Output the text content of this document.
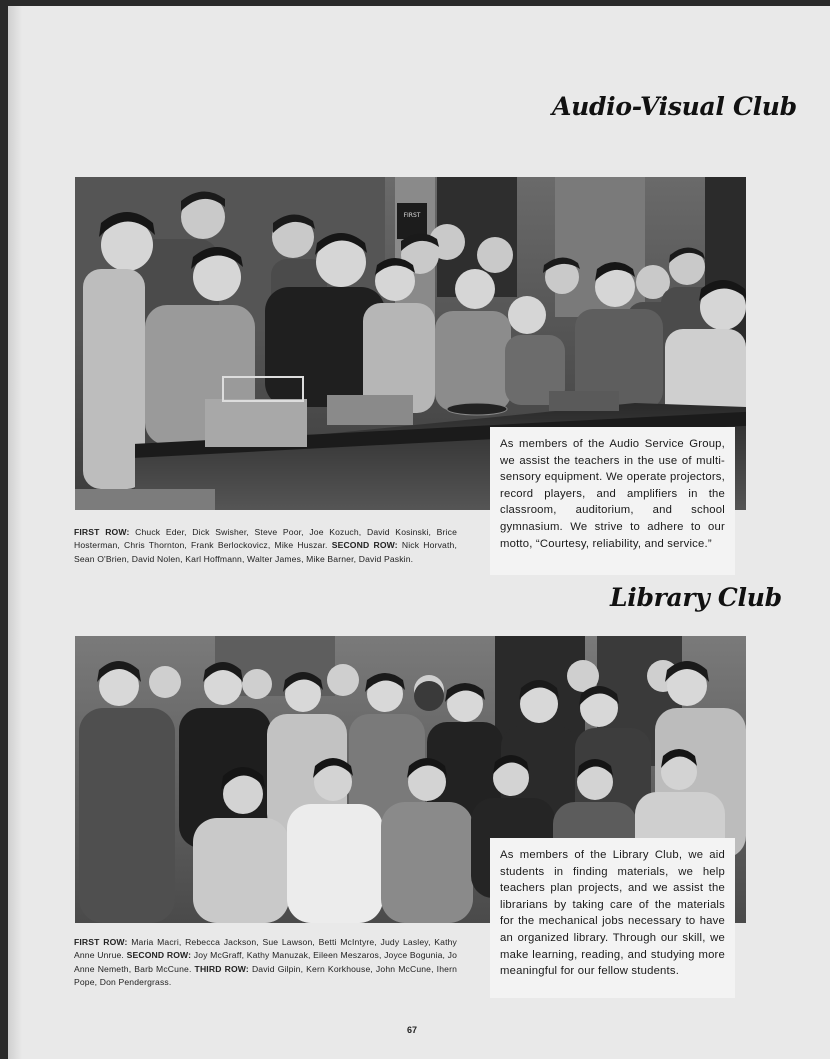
Audio-Visual Club
FIRST
FIRST ROW: Chuck Eder, Dick Swisher, Steve Poor, Joe Kozuch, David Kosinski, Brice Hosterman, Chris Thornton, Frank Berlockovicz, Mike Huszar. SECOND ROW: Nick Horvath, Sean O'Brien, David Nolen, Karl Hoffmann, Walter James, Mike Barner, David Paskin.
As members of the Audio Service Group, we assist the teachers in the use of multi-sensory equipment. We operate projectors, record players, and amplifiers in the classroom, auditorium, and school gymnasium. We strive to adhere to our motto, “Courtesy, reliability, and service.”
Library Club
FIRST ROW: Maria Macri, Rebecca Jackson, Sue Lawson, Betti McIntyre, Judy Lasley, Kathy Anne Unrue. SECOND ROW: Joy McGraff, Kathy Manuzak, Eileen Meszaros, Joyce Bogunia, Jo Anne Nemeth, Barb McCune. THIRD ROW: David Gilpin, Kern Korkhouse, John McCune, Ihern Pope, Don Pendergrass.
As members of the Library Club, we aid students in finding materials, we help teachers plan projects, and we assist the librarians by taking care of the materials for the mechanical jobs necessary to have an organized library. Through our skill, we make learning, reading, and studying more meaningful for our fellow students.
67
